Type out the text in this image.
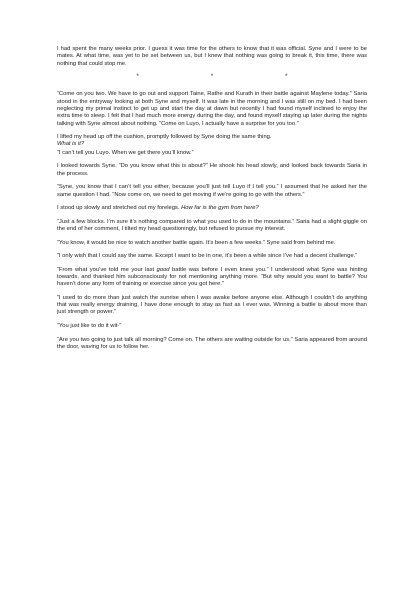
I had spent the many weeks prior. I guess it was time for the others to know that it was official. Syne and I were to be mates. At what time, was yet to be set between us, but I knew that nothing was going to break it, this time, there was nothing that could stop me.

*	*	*

“Come on you two. We have to go out and support Taine, Rathe and Kurath in their battle against Maylene today.” Saria stood in the entryway looking at both Syne and myself. It was late in the morning and I was still on my bed. I had been neglecting my primal instinct to get up and start the day at dawn but recently I had found myself inclined to enjoy the extra time to sleep. I felt that I had much more energy during the day, and found myself staying up later during the nights talking with Syne almost about nothing. “Come on Luyo, I actually have a surprise for you too.”

I lifted my head up off the cushion, promptly followed by Syne doing the same thing.
What is it?

“I can’t tell you Luyo. When we get there you’ll know.”

I looked towards Syne. “Do you know what this is about?” He shook his head slowly, and looked back towards Saria in the process.

“Syne, you know that I can’t tell you either, because you’ll just tell Luyo if I tell you.” I assumed that he asked her the same question I had. “Now come on, we need to get moving if we’re going to go with the others.”

I stood up slowly and stretched out my forelegs. How far is the gym from here?

“Just a few blocks. I’m sure it’s nothing compared to what you used to do in the mountains.” Saria had a slight giggle on the end of her comment, I tilted my head questioningly, but refused to pursue my interest.

“You know, it would be nice to watch another battle again. It’s been a few weeks.” Syne said from behind me.

“I only wish that I could say the same. Except I want to be in one, it’s been a while since I’ve had a decent challenge.”

“From what you’ve told me your last good battle was before I even knew you.” I understood what Syne was hinting towards, and thanked him subconsciously for not mentioning anything more. “But why would you want to battle? You haven’t done any form of training or exercise since you got here.”

“I used to do more than just watch the sunrise when I was awake before anyone else. Although I couldn’t do anything that was really energy draining, I have done enough to stay as fast as I ever was. Winning a battle is about more than just strength or power.”

“You just like to do it wit-”

“Are you two going to just talk all morning? Come on. The others are waiting outside for us.” Saria appeared from around the door, waving for us to follow her.
